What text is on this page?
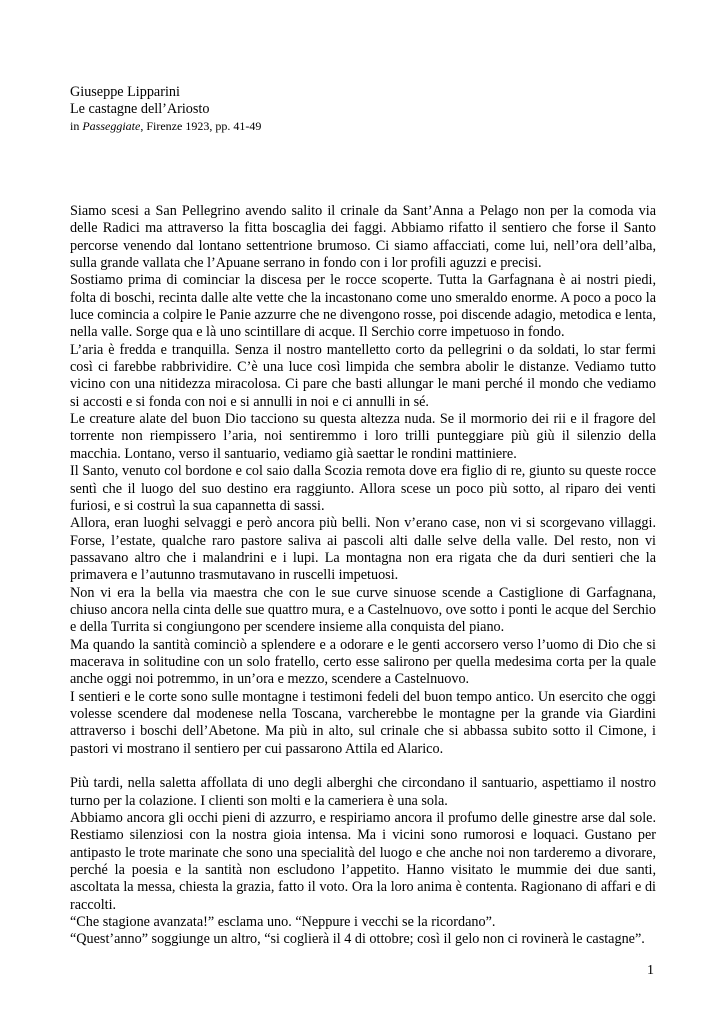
Giuseppe Lipparini
Le castagne dell’Ariosto
in Passeggiate, Firenze 1923, pp. 41-49

Siamo scesi a San Pellegrino avendo salito il crinale da Sant’Anna a Pelago non per la comoda via delle Radici ma attraverso la fitta boscaglia dei faggi. Abbiamo rifatto il sentiero che forse il Santo percorse venendo dal lontano settentrione brumoso. Ci siamo affacciati, come lui, nell’ora dell’alba, sulla grande vallata che l’Apuane serrano in fondo con i lor profili aguzzi e precisi.

Sostiamo prima di cominciar la discesa per le rocce scoperte. Tutta la Garfagnana è ai nostri piedi, folta di boschi, recinta dalle alte vette che la incastonano come uno smeraldo enorme. A poco a poco la luce comincia a colpire le Panie azzurre che ne divengono rosse, poi discende adagio, metodica e lenta, nella valle. Sorge qua e là uno scintillare di acque. Il Serchio corre impetuoso in fondo.

L’aria è fredda e tranquilla. Senza il nostro mantelletto corto da pellegrini o da soldati, lo star fermi così ci farebbe rabbrividire. C’è una luce così limpida che sembra abolir le distanze. Vediamo tutto vicino con una nitidezza miracolosa. Ci pare che basti allungar le mani perché il mondo che vediamo si accosti e si fonda con noi e si annulli in noi e ci annulli in sé.

Le creature alate del buon Dio tacciono su questa altezza nuda. Se il mormorio dei rii e il fragore del torrente non riempissero l’aria, noi sentiremmo i loro trilli punteggiare più giù il silenzio della macchia. Lontano, verso il santuario, vediamo già saettar le rondini mattiniere.

Il Santo, venuto col bordone e col saio dalla Scozia remota dove era figlio di re, giunto su queste rocce sentì che il luogo del suo destino era raggiunto. Allora scese un poco più sotto, al riparo dei venti furiosi, e si costruì la sua capannetta di sassi.

Allora, eran luoghi selvaggi e però ancora più belli. Non v’erano case, non vi si scorgevano villaggi. Forse, l’estate, qualche raro pastore saliva ai pascoli alti dalle selve della valle. Del resto, non vi passavano altro che i malandrini e i lupi. La montagna non era rigata che da duri sentieri che la primavera e l’autunno trasmutavano in ruscelli impetuosi.

Non vi era la bella via maestra che con le sue curve sinuose scende a Castiglione di Garfagnana, chiuso ancora nella cinta delle sue quattro mura, e a Castelnuovo, ove sotto i ponti le acque del Serchio e della Turrita si congiungono per scendere insieme alla conquista del piano.

Ma quando la santità cominciò a splendere e a odorare e le genti accorsero verso l’uomo di Dio che si macerava in solitudine con un solo fratello, certo esse salirono per quella medesima corta per la quale anche oggi noi potremmo, in un’ora e mezzo, scendere a Castelnuovo.

I sentieri e le corte sono sulle montagne i testimoni fedeli del buon tempo antico. Un esercito che oggi volesse scendere dal modenese nella Toscana, varcherebbe le montagne per la grande via Giardini attraverso i boschi dell’Abetone. Ma più in alto, sul crinale che si abbassa subito sotto il Cimone, i pastori vi mostrano il sentiero per cui passarono Attila ed Alarico.

Più tardi, nella saletta affollata di uno degli alberghi che circondano il santuario, aspettiamo il nostro turno per la colazione. I clienti son molti e la cameriera è una sola.

Abbiamo ancora gli occhi pieni di azzurro, e respiriamo ancora il profumo delle ginestre arse dal sole. Restiamo silenziosi con la nostra gioia intensa. Ma i vicini sono rumorosi e loquaci. Gustano per antipasto le trote marinate che sono una specialità del luogo e che anche noi non tarderemo a divorare, perché la poesia e la santità non escludono l’appetito. Hanno visitato le mummie dei due santi, ascoltata la messa, chiesta la grazia, fatto il voto. Ora la loro anima è contenta. Ragionano di affari e di raccolti.

“Che stagione avanzata!” esclama uno. “Neppure i vecchi se la ricordano”.

“Quest’anno” soggiunge un altro, “si coglierà il 4 di ottobre; così il gelo non ci rovinerà le castagne”.

1
